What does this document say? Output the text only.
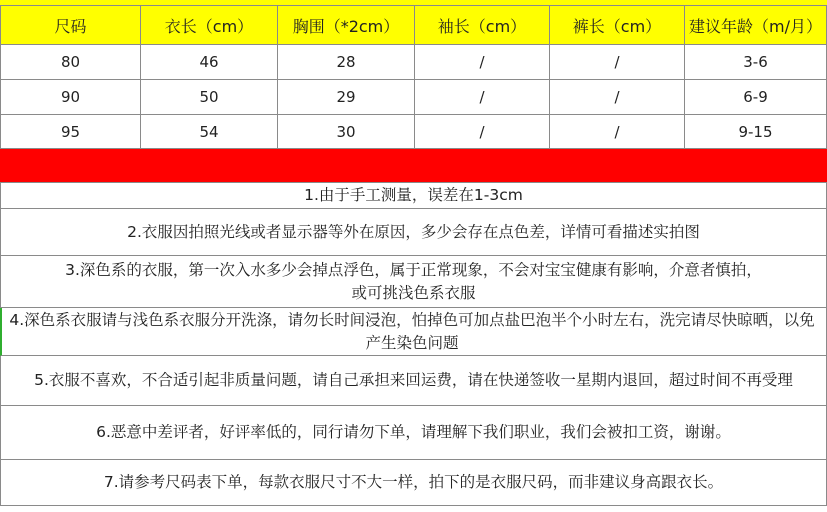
尺码	衣长（cm）	胸围（*2cm）	袖长（cm）	裤长（cm）	建议年龄（m/月）
80	46	28	/	/	3-6
90	50	29	/	/	6-9
95	54	30	/	/	9-15
1.由于手工测量，误差在1-3cm
2.衣服因拍照光线或者显示器等外在原因，多少会存在点色差，详情可看描述实拍图
3.深色系的衣服，第一次入水多少会掉点浮色，属于正常现象，不会对宝宝健康有影响，介意者慎拍，或可挑浅色系衣服
4.深色系衣服请与浅色系衣服分开洗涤，请勿长时间浸泡，怕掉色可加点盐巴泡半个小时左右，洗完请尽快晾晒，以免产生染色问题
5.衣服不喜欢，不合适引起非质量问题，请自己承担来回运费，请在快递签收一星期内退回，超过时间不再受理
6.恶意中差评者，好评率低的，同行请勿下单，请理解下我们职业，我们会被扣工资，谢谢。
7.请参考尺码表下单，每款衣服尺寸不大一样，拍下的是衣服尺码，而非建议身高跟衣长。
